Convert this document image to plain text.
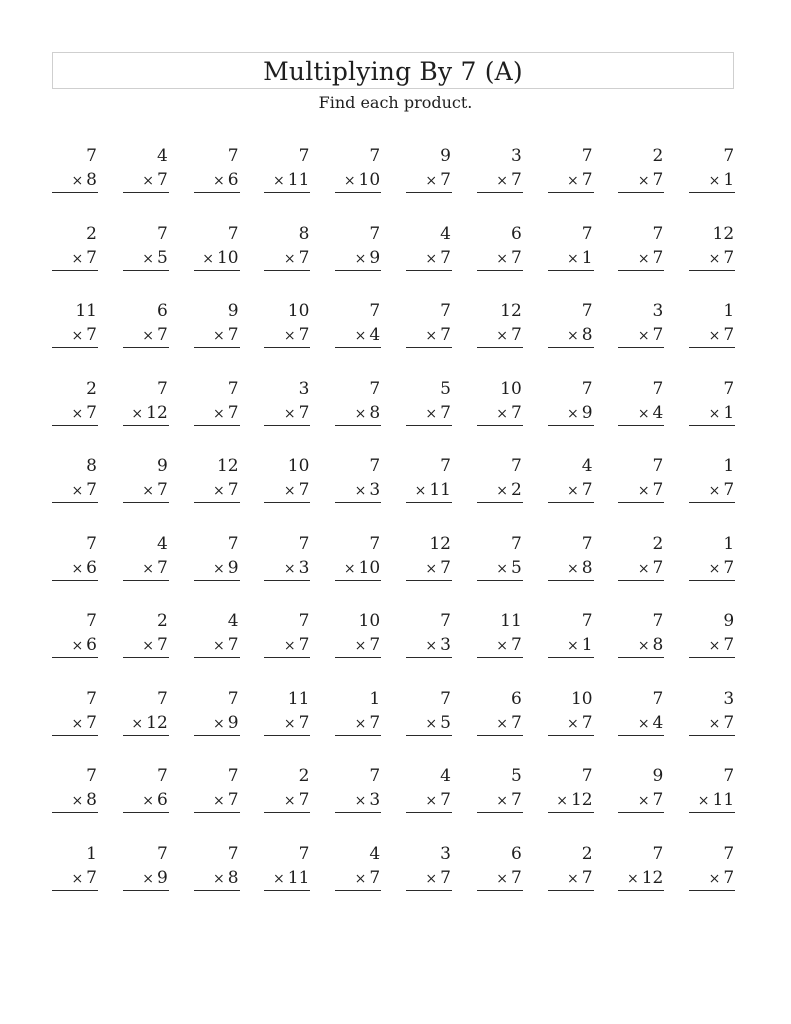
Multiplying By 7 (A)
Find each product.
7
× 8
4
× 7
7
× 6
7
× 11
7
× 10
9
× 7
3
× 7
7
× 7
2
× 7
7
× 1
2
× 7
7
× 5
7
× 10
8
× 7
7
× 9
4
× 7
6
× 7
7
× 1
7
× 7
12
× 7
11
× 7
6
× 7
9
× 7
10
× 7
7
× 4
7
× 7
12
× 7
7
× 8
3
× 7
1
× 7
2
× 7
7
× 12
7
× 7
3
× 7
7
× 8
5
× 7
10
× 7
7
× 9
7
× 4
7
× 1
8
× 7
9
× 7
12
× 7
10
× 7
7
× 3
7
× 11
7
× 2
4
× 7
7
× 7
1
× 7
7
× 6
4
× 7
7
× 9
7
× 3
7
× 10
12
× 7
7
× 5
7
× 8
2
× 7
1
× 7
7
× 6
2
× 7
4
× 7
7
× 7
10
× 7
7
× 3
11
× 7
7
× 1
7
× 8
9
× 7
7
× 7
7
× 12
7
× 9
11
× 7
1
× 7
7
× 5
6
× 7
10
× 7
7
× 4
3
× 7
7
× 8
7
× 6
7
× 7
2
× 7
7
× 3
4
× 7
5
× 7
7
× 12
9
× 7
7
× 11
1
× 7
7
× 9
7
× 8
7
× 11
4
× 7
3
× 7
6
× 7
2
× 7
7
× 12
7
× 7
